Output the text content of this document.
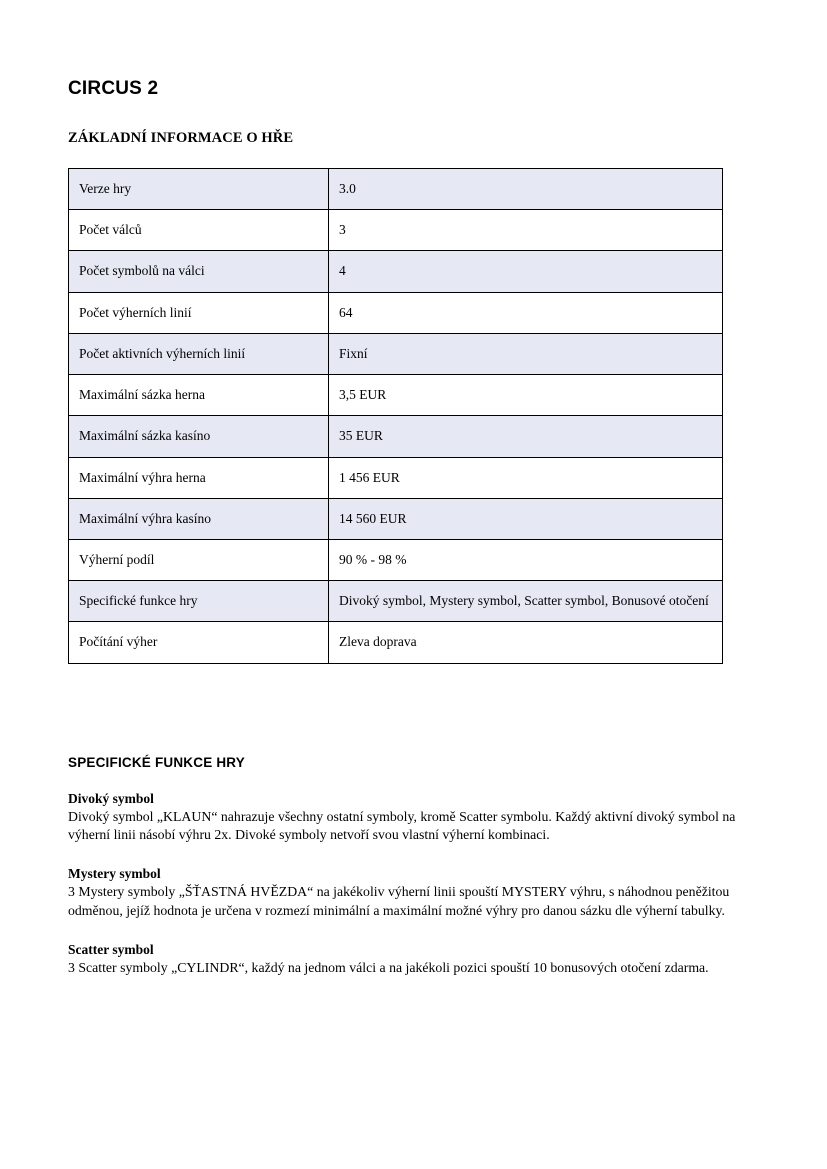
CIRCUS 2
ZÁKLADNÍ INFORMACE O HŘE
Verze hry	3.0
Počet válců	3
Počet symbolů na válci	4
Počet výherních linií	64
Počet aktivních výherních linií	Fixní
Maximální sázka herna	3,5 EUR
Maximální sázka kasíno	35 EUR
Maximální výhra herna	1 456 EUR
Maximální výhra kasíno	14 560 EUR
Výherní podíl	90 % - 98 %
Specifické funkce hry	Divoký symbol, Mystery symbol, Scatter symbol, Bonusové otočení
Počítání výher	Zleva doprava
SPECIFICKÉ FUNKCE HRY
Divoký symbol

Divoký symbol „KLAUN“ nahrazuje všechny ostatní symboly, kromě Scatter symbolu. Každý aktivní divoký symbol na výherní linii násobí výhru 2x. Divoké symboly netvoří svou vlastní výherní kombinaci.

Mystery symbol

3 Mystery symboly „ŠŤASTNÁ HVĚZDA“ na jakékoliv výherní linii spouští MYSTERY výhru, s náhodnou peněžitou odměnou, jejíž hodnota je určena v rozmezí minimální a maximální možné výhry pro danou sázku dle výherní tabulky.

Scatter symbol

3 Scatter symboly „CYLINDR“, každý na jednom válci a na jakékoli pozici spouští 10 bonusových otočení zdarma.
